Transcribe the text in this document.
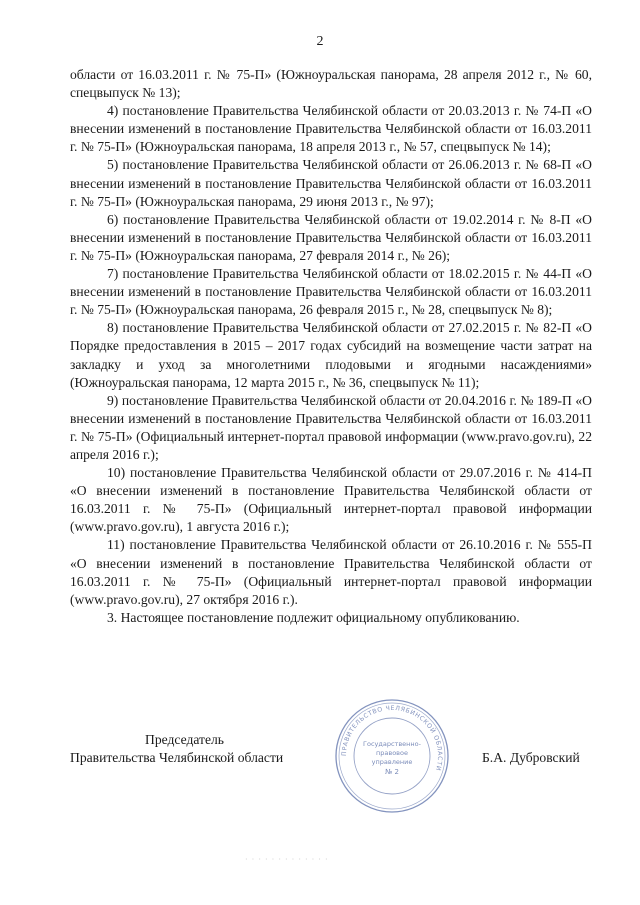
2

области от 16.03.2011 г. № 75-П» (Южноуральская панорама, 28 апреля 2012 г., № 60, спецвыпуск № 13);

4) постановление Правительства Челябинской области от 20.03.2013 г. № 74-П «О внесении изменений в постановление Правительства Челябинской области от 16.03.2011 г. № 75-П» (Южноуральская панорама, 18 апреля 2013 г., № 57, спецвыпуск № 14);

5) постановление Правительства Челябинской области от 26.06.2013 г. № 68-П «О внесении изменений в постановление Правительства Челябинской области от 16.03.2011 г. № 75-П» (Южноуральская панорама, 29 июня 2013 г., № 97);

6) постановление Правительства Челябинской области от 19.02.2014 г. № 8-П «О внесении изменений в постановление Правительства Челябинской области от 16.03.2011 г. № 75-П» (Южноуральская панорама, 27 февраля 2014 г., № 26);

7) постановление Правительства Челябинской области от 18.02.2015 г. № 44-П «О внесении изменений в постановление Правительства Челябинской области от 16.03.2011 г. № 75-П» (Южноуральская панорама, 26 февраля 2015 г., № 28, спецвыпуск № 8);

8) постановление Правительства Челябинской области от 27.02.2015 г. № 82-П «О Порядке предоставления в 2015 – 2017 годах субсидий на возмещение части затрат на закладку и уход за многолетними плодовыми и ягодными насаждениями» (Южноуральская панорама, 12 марта 2015 г., № 36, спецвыпуск № 11);

9) постановление Правительства Челябинской области от 20.04.2016 г. № 189-П «О внесении изменений в постановление Правительства Челябинской области от 16.03.2011 г. № 75-П» (Официальный интернет-портал правовой информации (www.pravo.gov.ru), 22 апреля 2016 г.);

10) постановление Правительства Челябинской области от 29.07.2016 г. № 414-П «О внесении изменений в постановление Правительства Челябинской области от 16.03.2011 г. № 75-П» (Официальный интернет-портал правовой информации (www.pravo.gov.ru), 1 августа 2016 г.);

11) постановление Правительства Челябинской области от 26.10.2016 г. № 555-П «О внесении изменений в постановление Правительства Челябинской области от 16.03.2011 г. № 75-П» (Официальный интернет-портал правовой информации (www.pravo.gov.ru), 27 октября 2016 г.).

3. Настоящее постановление подлежит официальному опубликованию.

Председатель
Правительства Челябинской области	Б.А. Дубровский
ПРАВИТЕЛЬСТВО ЧЕЛЯБИНСКОЙ ОБЛАСТИ
Государственно-
правовое
управление
№ 2
· · · · · · · · · · · · ·
